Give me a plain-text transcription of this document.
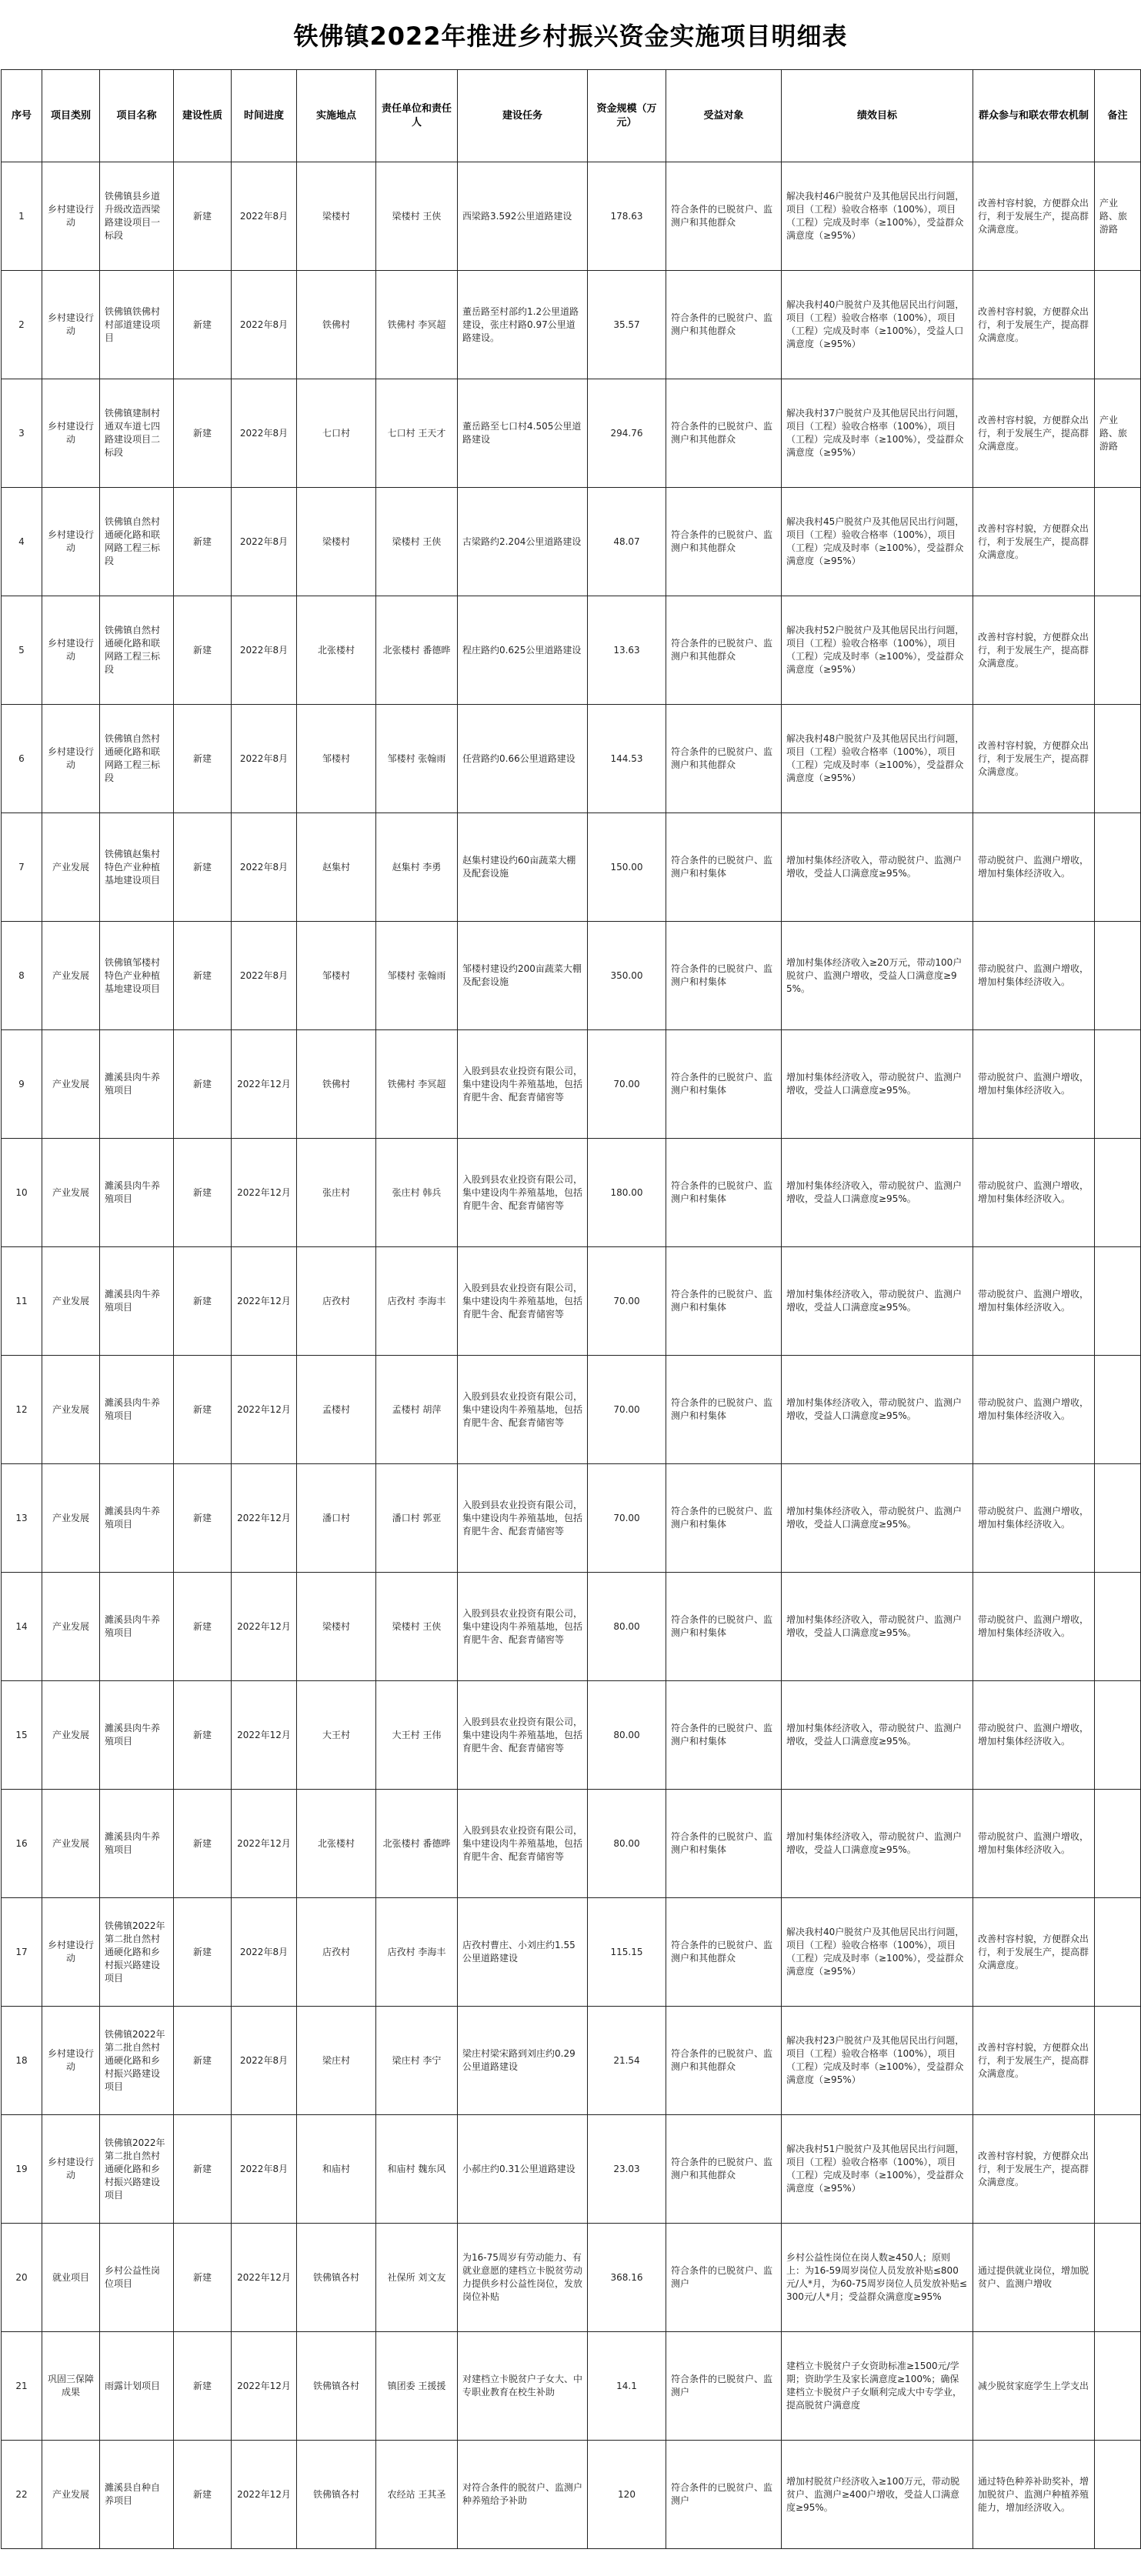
铁佛镇2022年推进乡村振兴资金实施项目明细表
序号	项目类别	项目名称	建设性质	时间进度	实施地点	责任单位和责任人	建设任务	资金规模（万元）	受益对象	绩效目标	群众参与和联农带农机制	备注
1	乡村建设行动	铁佛镇县乡道升级改造西梁路建设项目一标段	新建	2022年8月	梁楼村	梁楼村 王侠	西梁路3.592公里道路建设	178.63	符合条件的已脱贫户、监测户和其他群众	解决我村46户脱贫户及其他居民出行问题，项目（工程）验收合格率（100%），项目（工程）完成及时率（≥100%），受益群众满意度（≥95%）	改善村容村貌，方便群众出行，利于发展生产，提高群众满意度。	产业路、旅游路
2	乡村建设行动	铁佛镇铁佛村村部道建设项目	新建	2022年8月	铁佛村	铁佛村 李冥超	董岳路至村部约1.2公里道路建设，张庄村路0.97公里道路建设。	35.57	符合条件的已脱贫户、监测户和其他群众	解决我村40户脱贫户及其他居民出行问题，项目（工程）验收合格率（100%），项目（工程）完成及时率（≥100%），受益人口满意度（≥95%）	改善村容村貌，方便群众出行，利于发展生产，提高群众满意度。	
3	乡村建设行动	铁佛镇建制村通双车道七四路建设项目二标段	新建	2022年8月	七口村	七口村 王天才	董岳路至七口村4.505公里道路建设	294.76	符合条件的已脱贫户、监测户和其他群众	解决我村37户脱贫户及其他居民出行问题，项目（工程）验收合格率（100%），项目（工程）完成及时率（≥100%），受益群众满意度（≥95%）	改善村容村貌，方便群众出行，利于发展生产，提高群众满意度。	产业路、旅游路
4	乡村建设行动	铁佛镇自然村通硬化路和联网路工程三标段	新建	2022年8月	梁楼村	梁楼村 王侠	古梁路约2.204公里道路建设	48.07	符合条件的已脱贫户、监测户和其他群众	解决我村45户脱贫户及其他居民出行问题，项目（工程）验收合格率（100%），项目（工程）完成及时率（≥100%），受益群众满意度（≥95%）	改善村容村貌，方便群众出行，利于发展生产，提高群众满意度。	
5	乡村建设行动	铁佛镇自然村通硬化路和联网路工程三标段	新建	2022年8月	北张楼村	北张楼村 番德晔	程庄路约0.625公里道路建设	13.63	符合条件的已脱贫户、监测户和其他群众	解决我村52户脱贫户及其他居民出行问题，项目（工程）验收合格率（100%），项目（工程）完成及时率（≥100%），受益群众满意度（≥95%）	改善村容村貌，方便群众出行，利于发展生产，提高群众满意度。	
6	乡村建设行动	铁佛镇自然村通硬化路和联网路工程三标段	新建	2022年8月	邹楼村	邹楼村 张翰雨	任营路约0.66公里道路建设	144.53	符合条件的已脱贫户、监测户和其他群众	解决我村48户脱贫户及其他居民出行问题，项目（工程）验收合格率（100%），项目（工程）完成及时率（≥100%），受益群众满意度（≥95%）	改善村容村貌，方便群众出行，利于发展生产，提高群众满意度。	
7	产业发展	铁佛镇赵集村特色产业种植基地建设项目	新建	2022年8月	赵集村	赵集村 李勇	赵集村建设约60亩蔬菜大棚及配套设施	150.00	符合条件的已脱贫户、监测户和村集体	增加村集体经济收入，带动脱贫户、监测户增收，受益人口满意度≥95%。	带动脱贫户、监测户增收，增加村集体经济收入。	
8	产业发展	铁佛镇邹楼村特色产业种植基地建设项目	新建	2022年8月	邹楼村	邹楼村 张翰雨	邹楼村建设约200亩蔬菜大棚及配套设施	350.00	符合条件的已脱贫户、监测户和村集体	增加村集体经济收入≥20万元，带动100户脱贫户、监测户增收，受益人口满意度≥95%。	带动脱贫户、监测户增收，增加村集体经济收入。	
9	产业发展	濉溪县肉牛养殖项目	新建	2022年12月	铁佛村	铁佛村 李冥超	入股到县农业投资有限公司，集中建设肉牛养殖基地，包括育肥牛舍、配套青储窖等	70.00	符合条件的已脱贫户、监测户和村集体	增加村集体经济收入，带动脱贫户、监测户增收，受益人口满意度≥95%。	带动脱贫户、监测户增收，增加村集体经济收入。	
10	产业发展	濉溪县肉牛养殖项目	新建	2022年12月	张庄村	张庄村 韩兵	入股到县农业投资有限公司，集中建设肉牛养殖基地，包括育肥牛舍、配套青储窖等	180.00	符合条件的已脱贫户、监测户和村集体	增加村集体经济收入，带动脱贫户、监测户增收，受益人口满意度≥95%。	带动脱贫户、监测户增收，增加村集体经济收入。	
11	产业发展	濉溪县肉牛养殖项目	新建	2022年12月	店孜村	店孜村 李海丰	入股到县农业投资有限公司，集中建设肉牛养殖基地，包括育肥牛舍、配套青储窖等	70.00	符合条件的已脱贫户、监测户和村集体	增加村集体经济收入，带动脱贫户、监测户增收，受益人口满意度≥95%。	带动脱贫户、监测户增收，增加村集体经济收入。	
12	产业发展	濉溪县肉牛养殖项目	新建	2022年12月	孟楼村	孟楼村 胡萍	入股到县农业投资有限公司，集中建设肉牛养殖基地，包括育肥牛舍、配套青储窖等	70.00	符合条件的已脱贫户、监测户和村集体	增加村集体经济收入，带动脱贫户、监测户增收，受益人口满意度≥95%。	带动脱贫户、监测户增收，增加村集体经济收入。	
13	产业发展	濉溪县肉牛养殖项目	新建	2022年12月	潘口村	潘口村 郭亚	入股到县农业投资有限公司，集中建设肉牛养殖基地，包括育肥牛舍、配套青储窖等	70.00	符合条件的已脱贫户、监测户和村集体	增加村集体经济收入，带动脱贫户、监测户增收，受益人口满意度≥95%。	带动脱贫户、监测户增收，增加村集体经济收入。	
14	产业发展	濉溪县肉牛养殖项目	新建	2022年12月	梁楼村	梁楼村 王侠	入股到县农业投资有限公司，集中建设肉牛养殖基地，包括育肥牛舍、配套青储窖等	80.00	符合条件的已脱贫户、监测户和村集体	增加村集体经济收入，带动脱贫户、监测户增收，受益人口满意度≥95%。	带动脱贫户、监测户增收，增加村集体经济收入。	
15	产业发展	濉溪县肉牛养殖项目	新建	2022年12月	大王村	大王村 王伟	入股到县农业投资有限公司，集中建设肉牛养殖基地，包括育肥牛舍、配套青储窖等	80.00	符合条件的已脱贫户、监测户和村集体	增加村集体经济收入，带动脱贫户、监测户增收，受益人口满意度≥95%。	带动脱贫户、监测户增收，增加村集体经济收入。	
16	产业发展	濉溪县肉牛养殖项目	新建	2022年12月	北张楼村	北张楼村 番德晔	入股到县农业投资有限公司，集中建设肉牛养殖基地，包括育肥牛舍、配套青储窖等	80.00	符合条件的已脱贫户、监测户和村集体	增加村集体经济收入，带动脱贫户、监测户增收，受益人口满意度≥95%。	带动脱贫户、监测户增收，增加村集体经济收入。	
17	乡村建设行动	铁佛镇2022年第二批自然村通硬化路和乡村振兴路建设项目	新建	2022年8月	店孜村	店孜村 李海丰	店孜村曹庄、小刘庄约1.55公里道路建设	115.15	符合条件的已脱贫户、监测户和其他群众	解决我村40户脱贫户及其他居民出行问题，项目（工程）验收合格率（100%），项目（工程）完成及时率（≥100%），受益群众满意度（≥95%）	改善村容村貌，方便群众出行，利于发展生产，提高群众满意度。	
18	乡村建设行动	铁佛镇2022年第二批自然村通硬化路和乡村振兴路建设项目	新建	2022年8月	梁庄村	梁庄村 李宁	梁庄村梁宋路到刘庄约0.29公里道路建设	21.54	符合条件的已脱贫户、监测户和其他群众	解决我村23户脱贫户及其他居民出行问题，项目（工程）验收合格率（100%），项目（工程）完成及时率（≥100%），受益群众满意度（≥95%）	改善村容村貌，方便群众出行，利于发展生产，提高群众满意度。	
19	乡村建设行动	铁佛镇2022年第二批自然村通硬化路和乡村振兴路建设项目	新建	2022年8月	和庙村	和庙村 魏东风	小郝庄约0.31公里道路建设	23.03	符合条件的已脱贫户、监测户和其他群众	解决我村51户脱贫户及其他居民出行问题，项目（工程）验收合格率（100%），项目（工程）完成及时率（≥100%），受益群众满意度（≥95%）	改善村容村貌，方便群众出行，利于发展生产，提高群众满意度。	
20	就业项目	乡村公益性岗位项目	新建	2022年12月	铁佛镇各村	社保所 刘文友	为16-75周岁有劳动能力、有就业意愿的建档立卡脱贫劳动力提供乡村公益性岗位，发放岗位补贴	368.16	符合条件的已脱贫户、监测户	乡村公益性岗位在岗人数≥450人；原则上：为16-59周岁岗位人员发放补贴≤800元/人*月，为60-75周岁岗位人员发放补贴≤300元/人*月；受益群众满意度≥95%	通过提供就业岗位，增加脱贫户、监测户增收	
21	巩固三保障成果	雨露计划项目	新建	2022年12月	铁佛镇各村	镇团委 王援援	对建档立卡脱贫户子女大、中专职业教育在校生补助	14.1	符合条件的已脱贫户、监测户	建档立卡脱贫户子女资助标准≥1500元/学期；资助学生及家长满意度≥100%；确保建档立卡脱贫户子女顺利完成大中专学业，提高脱贫户满意度	减少脱贫家庭学生上学支出	
22	产业发展	濉溪县自种自养项目	新建	2022年12月	铁佛镇各村	农经站 王其圣	对符合条件的脱贫户、监测户种养殖给予补助	120	符合条件的已脱贫户、监测户	增加村脱贫户经济收入≥100万元，带动脱贫户、监测户≥400户增收，受益人口满意度≥95%。	通过特色种养补助奖补，增加脱贫户、监测户种植养殖能力，增加经济收入。	
